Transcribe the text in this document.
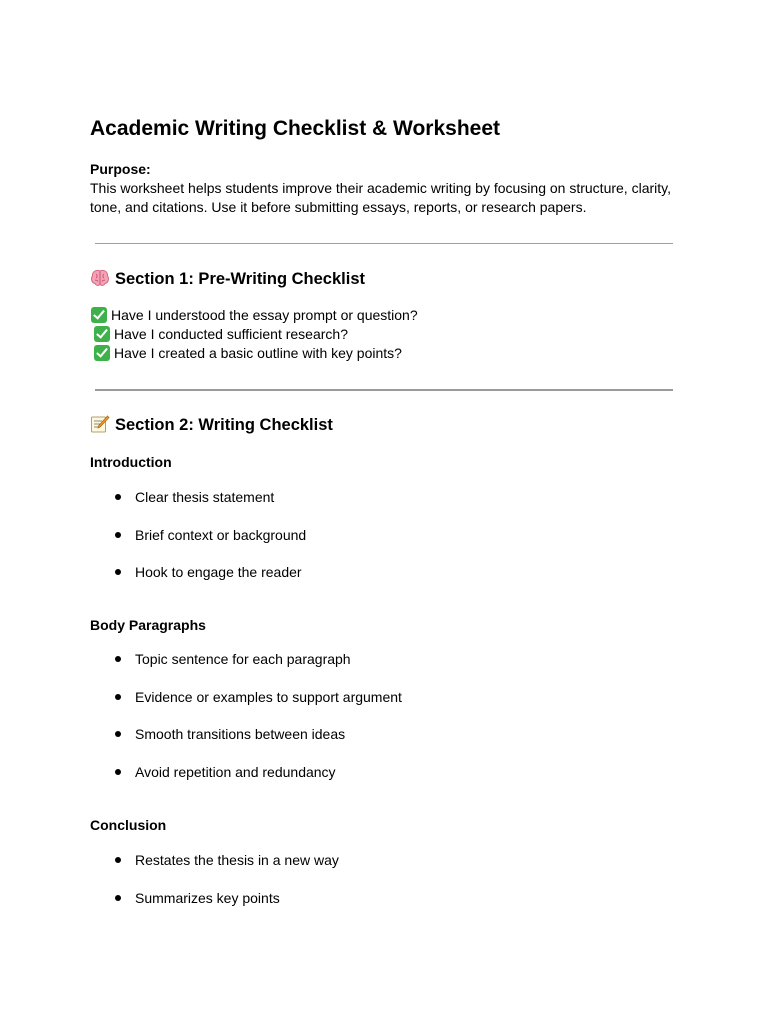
Academic Writing Checklist & Worksheet
Purpose:

This worksheet helps students improve their academic writing by focusing on structure, clarity, tone, and citations. Use it before submitting essays, reports, or research papers.

Section 1: Pre-Writing Checklist
Have I understood the essay prompt or question?
Have I conducted sufficient research?
Have I created a basic outline with key points?
Section 2: Writing Checklist
Introduction
Clear thesis statement
Brief context or background
Hook to engage the reader
Body Paragraphs
Topic sentence for each paragraph
Evidence or examples to support argument
Smooth transitions between ideas
Avoid repetition and redundancy
Conclusion
Restates the thesis in a new way
Summarizes key points
